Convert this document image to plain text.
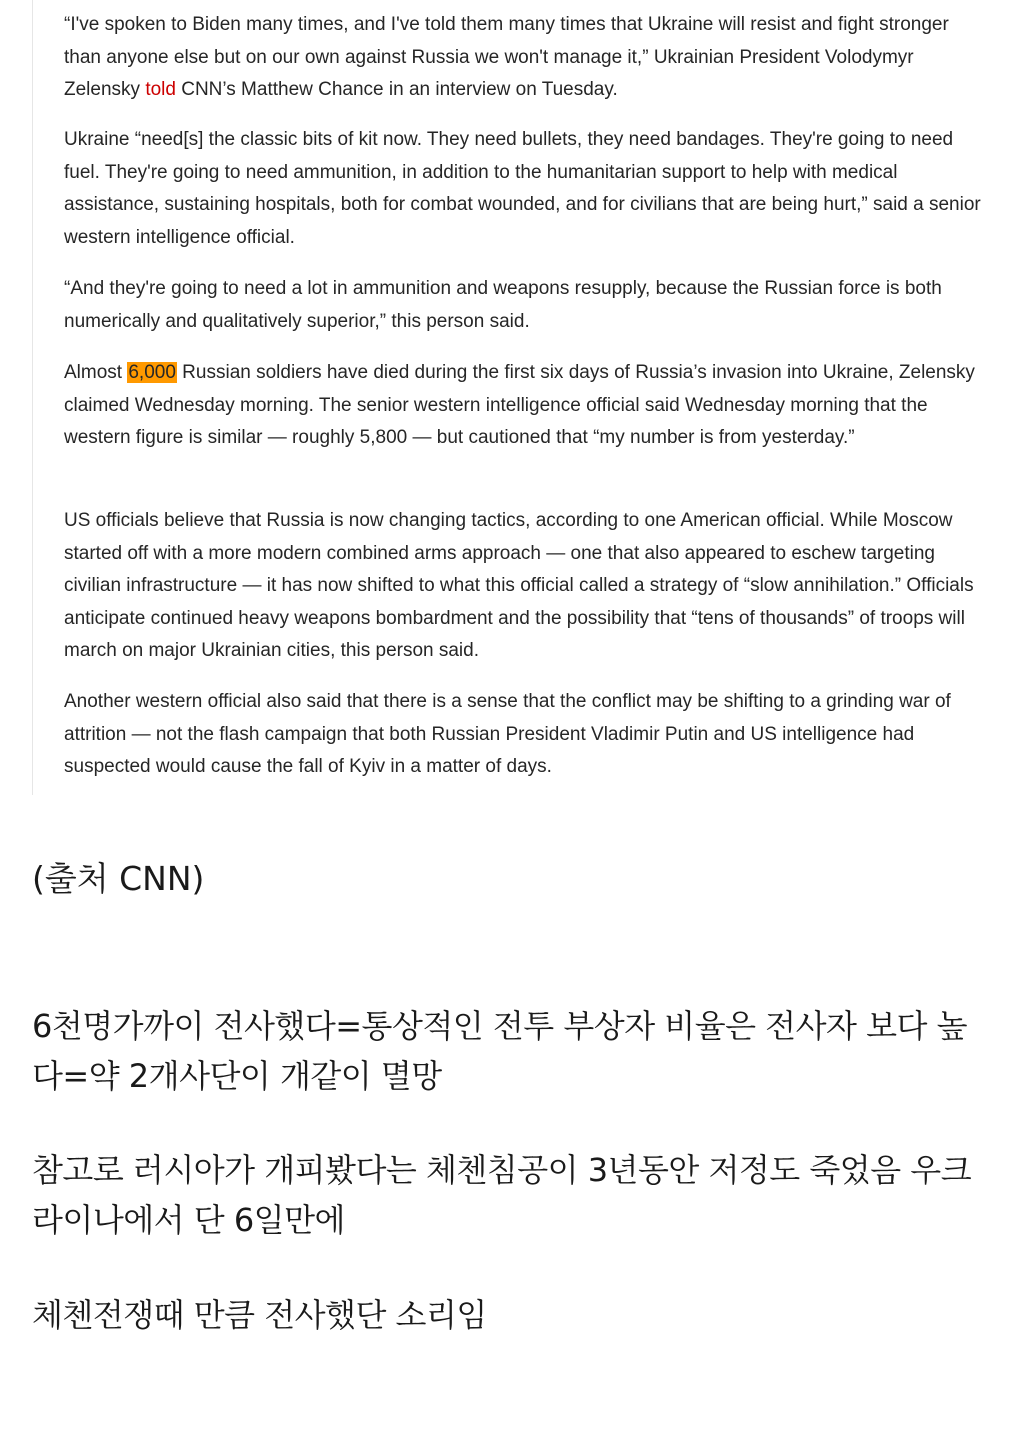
“I've spoken to Biden many times, and I've told them many times that Ukraine will resist and fight stronger than anyone else but on our own against Russia we won't manage it,” Ukrainian President Volodymyr Zelensky told CNN’s Matthew Chance in an interview on Tuesday.

Ukraine “need[s] the classic bits of kit now. They need bullets, they need bandages. They're going to need fuel. They're going to need ammunition, in addition to the humanitarian support to help with medical assistance, sustaining hospitals, both for combat wounded, and for civilians that are being hurt,” said a senior western intelligence official.

“And they're going to need a lot in ammunition and weapons resupply, because the Russian force is both numerically and qualitatively superior,” this person said.

Almost 6,000 Russian soldiers have died during the first six days of Russia’s invasion into Ukraine, Zelensky claimed Wednesday morning. The senior western intelligence official said Wednesday morning that the western figure is similar — roughly 5,800 — but cautioned that “my number is from yesterday.”

US officials believe that Russia is now changing tactics, according to one American official. While Moscow started off with a more modern combined arms approach — one that also appeared to eschew targeting civilian infrastructure — it has now shifted to what this official called a strategy of “slow annihilation.” Officials anticipate continued heavy weapons bombardment and the possibility that “tens of thousands” of troops will march on major Ukrainian cities, this person said.

Another western official also said that there is a sense that the conflict may be shifting to a grinding war of attrition — not the flash campaign that both Russian President Vladimir Putin and US intelligence had suspected would cause the fall of Kyiv in a matter of days.

(출처 CNN)

6천명가까이 전사했다=통상적인 전투 부상자 비율은 전사자 보다 높다=약 2개사단이 개같이 멸망

참고로 러시아가 개피봤다는 체첸침공이 3년동안 저정도 죽었음 우크라이나에서 단 6일만에

체첸전쟁때 만큼 전사했단 소리임
